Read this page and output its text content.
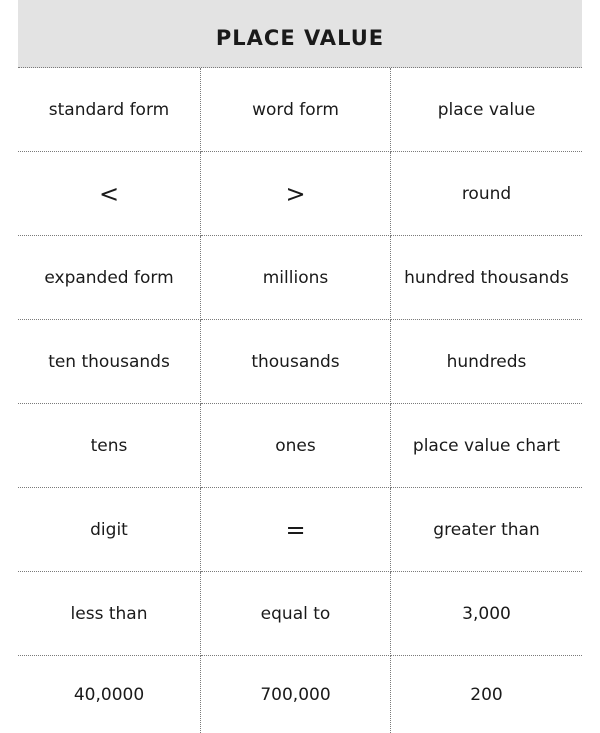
PLACE VALUE
standard form	word form	place value
<	>	round
expanded form	millions	hundred thousands
ten thousands	thousands	hundreds
tens	ones	place value chart
digit	=	greater than
less than	equal to	3,000
40,0000	700,000	200
